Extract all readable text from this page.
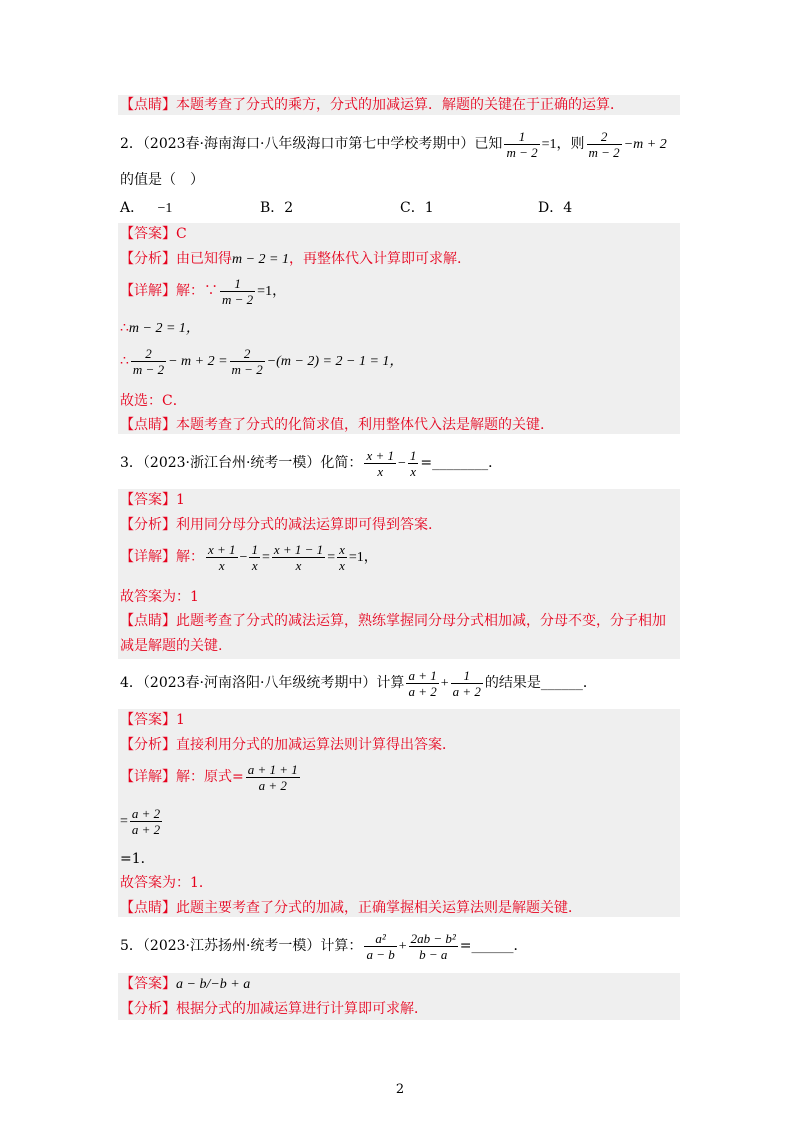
【点睛】本题考查了分式的乘方，分式的加减运算．解题的关键在于正确的运算．
2．（2023春·海南海口·八年级海口市第七中学校考期中）已知 $\frac{1}{m - 2} =1$，则 $\frac{2}{m - 2} -m + 2$
的值是（　）
A． −1	B．2	C．1	D．4
【答案】C
【分析】由已知得m − 2 = 1，再整体代入计算即可求解.
【详解】解：∵ $\frac{1}{m - 2} =1$，
∴m − 2 = 1，
∴ $\frac{2}{m - 2} - m + 2 = \frac{2}{m - 2} -(m - 2) = 2 - 1 = 1$，
故选：C．
【点睛】本题考查了分式的化简求值，利用整体代入法是解题的关键.
3．（2023·浙江台州·统考一模）化简： $\frac{x + 1}{x} - \frac{1}{x}$ =________．
【答案】1
【分析】利用同分母分式的减法运算即可得到答案.
【详解】解： $\frac{x + 1}{x} - \frac{1}{x} = \frac{x + 1 - 1}{x} = \frac{x}{x} =1$，
故答案为：1
【点睛】此题考查了分式的减法运算，熟练掌握同分母分式相加减，分母不变，分子相加
减是解题的关键.
4．（2023春·河南洛阳·八年级统考期中）计算 $\frac{a + 1}{a + 2} + \frac{1}{a + 2}$ 的结果是______．
【答案】1
【分析】直接利用分式的加减运算法则计算得出答案．
【详解】解：原式= $\frac{a + 1 + 1}{a + 2}$
= $\frac{a + 2}{a + 2}$
=1．
故答案为：1．
【点睛】此题主要考查了分式的加减，正确掌握相关运算法则是解题关键．
5．（2023·江苏扬州·统考一模）计算： $\frac{\text{a²}}{a - b} + \frac{\text{2ab − b²}}{b - a}$ =______．
【答案】a − b/−b + a
【分析】根据分式的加减运算进行计算即可求解．
2
